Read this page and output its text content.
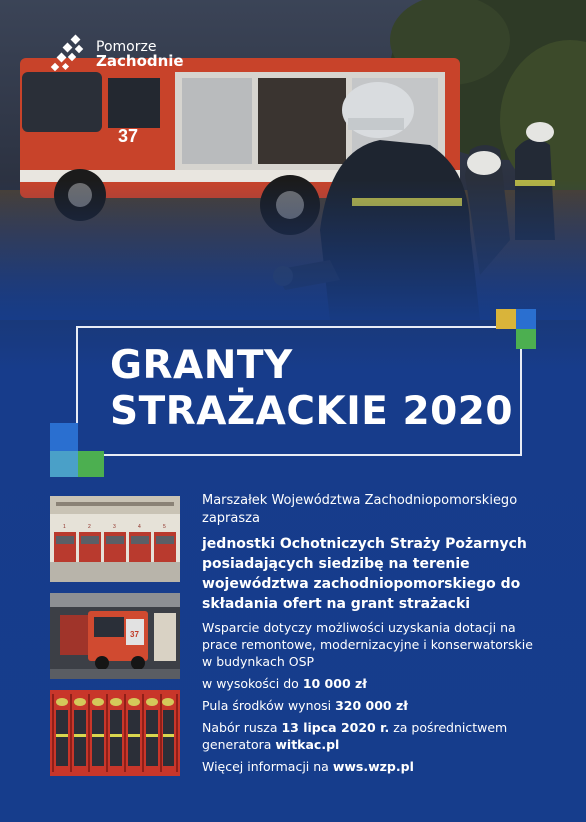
37
Pomorze
Zachodnie
GRANTY
STRAŻACKIE 2020
1	2	3	4	5
37
Marszałek Województwa Zachodniopomorskiego zaprasza
jednostki Ochotniczych Straży Pożarnych posiadających siedzibę na terenie województwa zachodniopomorskiego do składania ofert na grant strażacki
Wsparcie dotyczy możliwości uzyskania dotacji na prace remontowe, modernizacyjne i konserwatorskie w budynkach OSP
w wysokości do 10 000 zł
Pula środków wynosi 320 000 zł
Nabór rusza 13 lipca 2020 r. za pośrednictwem generatora witkac.pl
Więcej informacji na wws.wzp.pl
